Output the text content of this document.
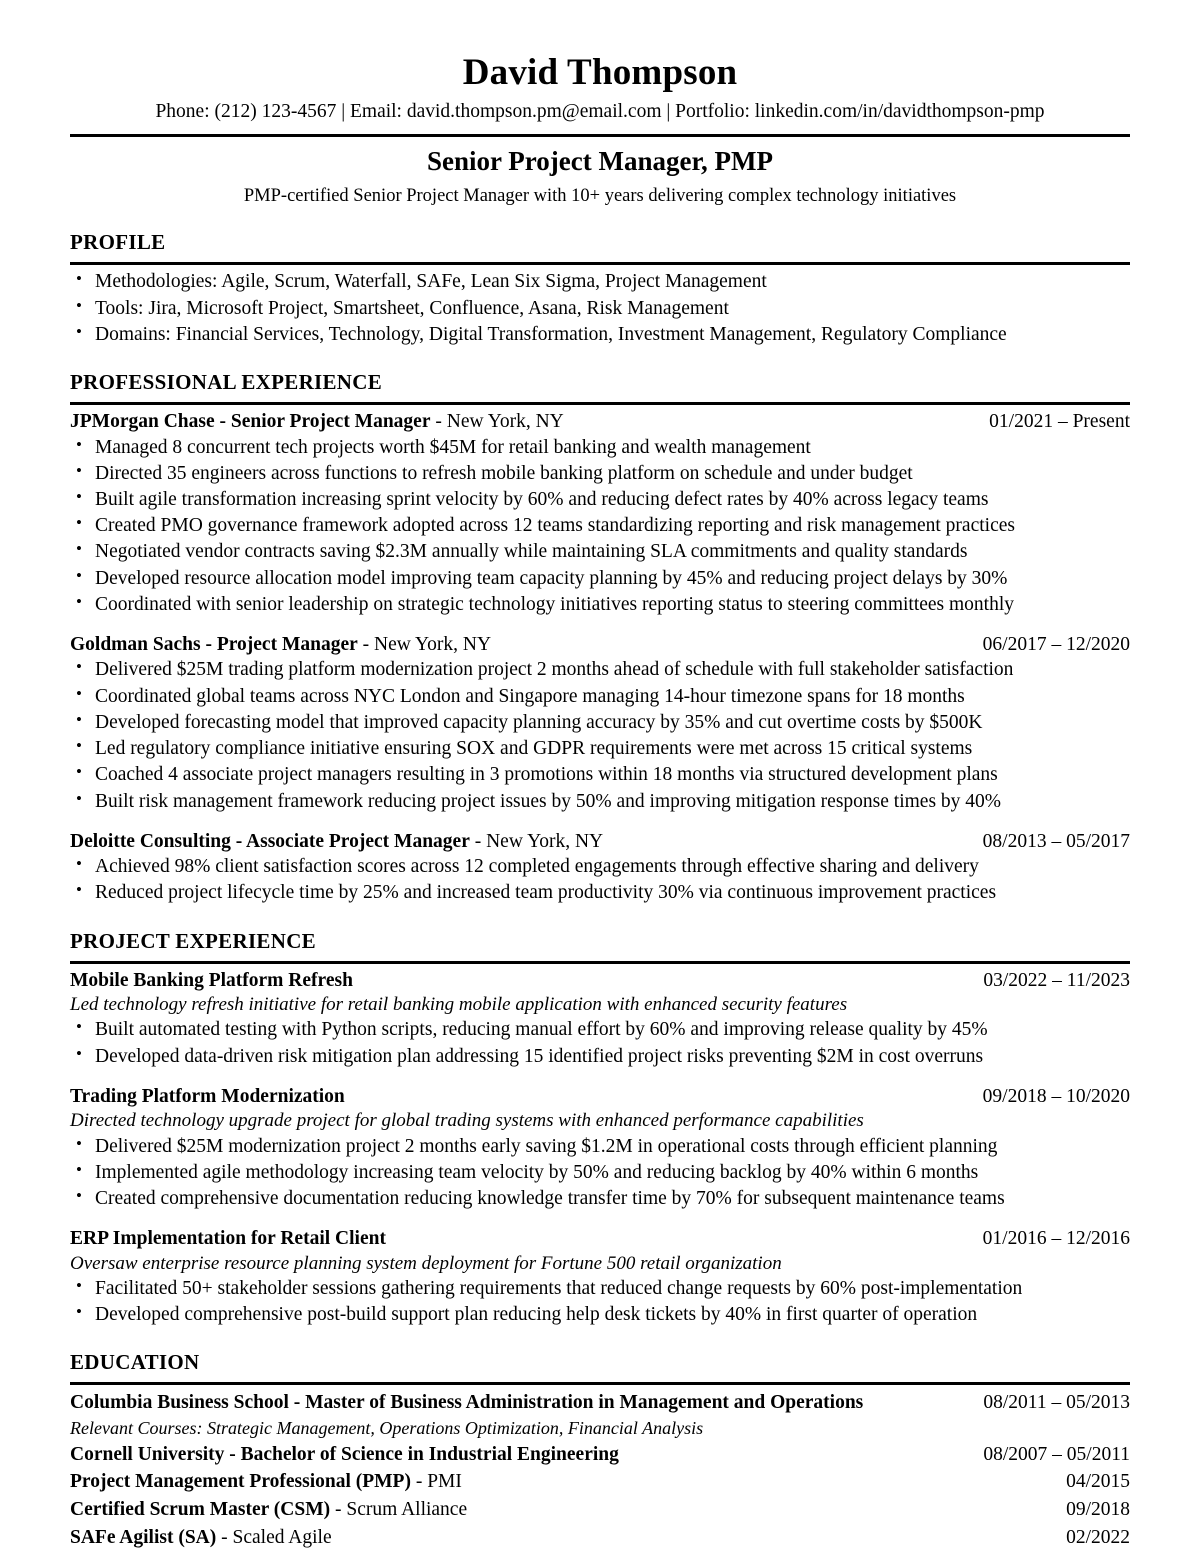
David Thompson
Phone: (212) 123-4567 | Email: david.thompson.pm@email.com | Portfolio: linkedin.com/in/davidthompson-pmp
Senior Project Manager, PMP
PMP-certified Senior Project Manager with 10+ years delivering complex technology initiatives
PROFILE
• Methodologies: Agile, Scrum, Waterfall, SAFe, Lean Six Sigma, Project Management
• Tools: Jira, Microsoft Project, Smartsheet, Confluence, Asana, Risk Management
• Domains: Financial Services, Technology, Digital Transformation, Investment Management, Regulatory Compliance
PROFESSIONAL EXPERIENCE
JPMorgan Chase - Senior Project Manager - New York, NY	01/2021 – Present
• Managed 8 concurrent tech projects worth $45M for retail banking and wealth management
• Directed 35 engineers across functions to refresh mobile banking platform on schedule and under budget
• Built agile transformation increasing sprint velocity by 60% and reducing defect rates by 40% across legacy teams
• Created PMO governance framework adopted across 12 teams standardizing reporting and risk management practices
• Negotiated vendor contracts saving $2.3M annually while maintaining SLA commitments and quality standards
• Developed resource allocation model improving team capacity planning by 45% and reducing project delays by 30%
• Coordinated with senior leadership on strategic technology initiatives reporting status to steering committees monthly
Goldman Sachs - Project Manager - New York, NY	06/2017 – 12/2020
• Delivered $25M trading platform modernization project 2 months ahead of schedule with full stakeholder satisfaction
• Coordinated global teams across NYC London and Singapore managing 14-hour timezone spans for 18 months
• Developed forecasting model that improved capacity planning accuracy by 35% and cut overtime costs by $500K
• Led regulatory compliance initiative ensuring SOX and GDPR requirements were met across 15 critical systems
• Coached 4 associate project managers resulting in 3 promotions within 18 months via structured development plans
• Built risk management framework reducing project issues by 50% and improving mitigation response times by 40%
Deloitte Consulting - Associate Project Manager - New York, NY	08/2013 – 05/2017
• Achieved 98% client satisfaction scores across 12 completed engagements through effective sharing and delivery
• Reduced project lifecycle time by 25% and increased team productivity 30% via continuous improvement practices
PROJECT EXPERIENCE
Mobile Banking Platform Refresh	03/2022 – 11/2023
Led technology refresh initiative for retail banking mobile application with enhanced security features
• Built automated testing with Python scripts, reducing manual effort by 60% and improving release quality by 45%
• Developed data-driven risk mitigation plan addressing 15 identified project risks preventing $2M in cost overruns
Trading Platform Modernization	09/2018 – 10/2020
Directed technology upgrade project for global trading systems with enhanced performance capabilities
• Delivered $25M modernization project 2 months early saving $1.2M in operational costs through efficient planning
• Implemented agile methodology increasing team velocity by 50% and reducing backlog by 40% within 6 months
• Created comprehensive documentation reducing knowledge transfer time by 70% for subsequent maintenance teams
ERP Implementation for Retail Client	01/2016 – 12/2016
Oversaw enterprise resource planning system deployment for Fortune 500 retail organization
• Facilitated 50+ stakeholder sessions gathering requirements that reduced change requests by 60% post-implementation
• Developed comprehensive post-build support plan reducing help desk tickets by 40% in first quarter of operation
EDUCATION
Columbia Business School - Master of Business Administration in Management and Operations	08/2011 – 05/2013
Relevant Courses: Strategic Management, Operations Optimization, Financial Analysis
Cornell University - Bachelor of Science in Industrial Engineering	08/2007 – 05/2011
Project Management Professional (PMP) - PMI	04/2015
Certified Scrum Master (CSM) - Scrum Alliance	09/2018
SAFe Agilist (SA) - Scaled Agile	02/2022
